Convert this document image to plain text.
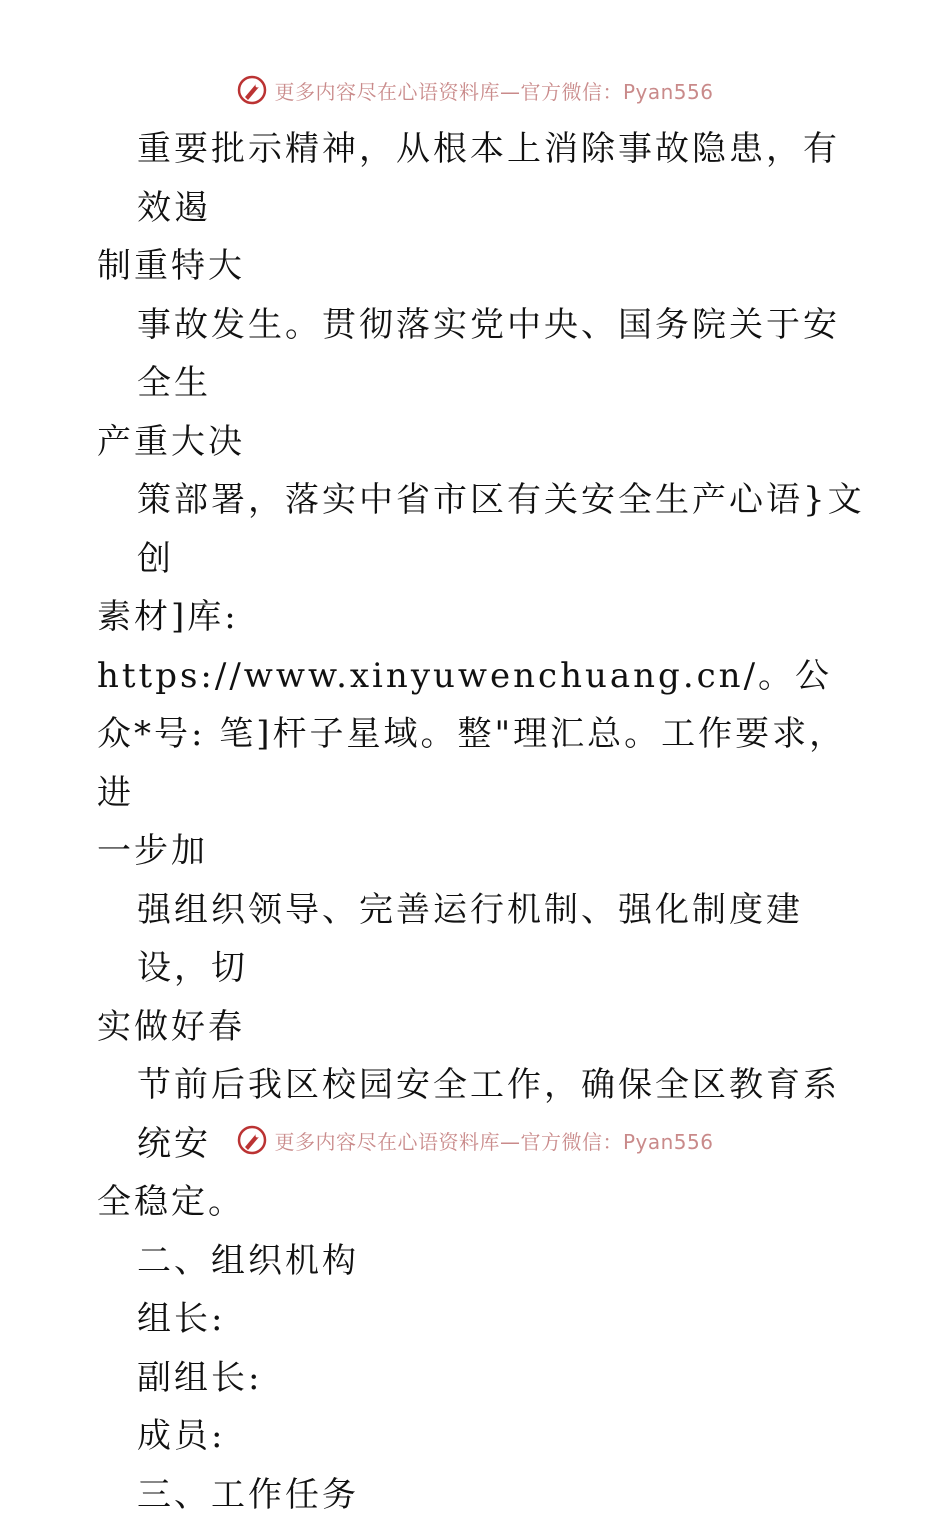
更多内容尽在心语资料库—官方微信：Pyan556

重要批示精神，从根本上消除事故隐患，有效遏

制重特大

事故发生。贯彻落实党中央、国务院关于安全生

产重大决

策部署，落实中省市区有关安全生产心语}文创

素材]库: https://www.xinyuwenchuang.cn/。公

众*号: 笔]杆子星域。整"理汇总。工作要求，进

一步加

强组织领导、完善运行机制、强化制度建设，切

实做好春

节前后我区校园安全工作，确保全区教育系统安

全稳定。

二、组织机构

组长:

副组长:

成员:

三、工作任务

更多内容尽在心语资料库—官方微信：Pyan556
